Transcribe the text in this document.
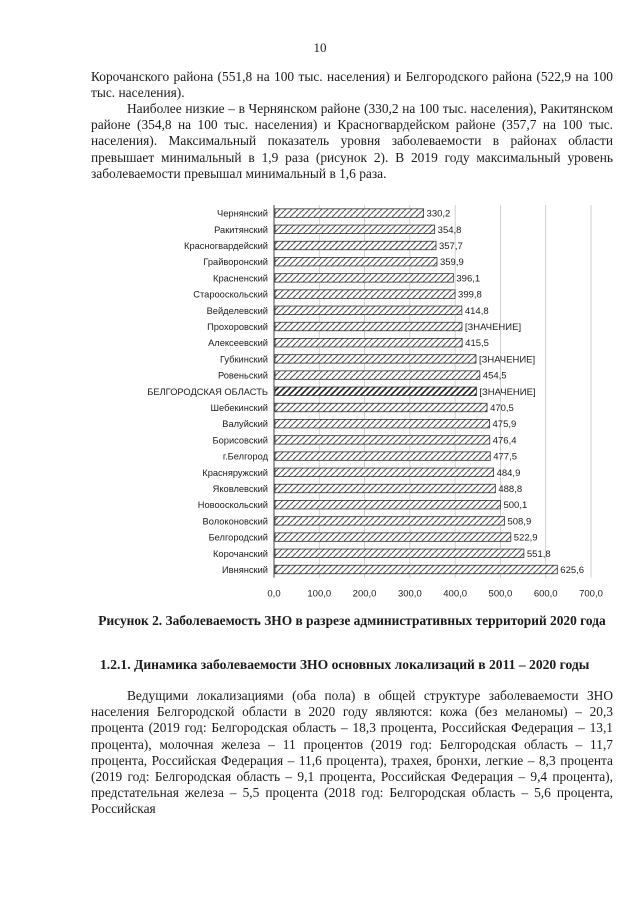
10

Корочанского района (551,8 на 100 тыс. населения) и Белгородского района (522,9 на 100 тыс. населения).

Наиболее низкие – в Чернянском районе (330,2 на 100 тыс. населения), Ракитянском районе (354,8 на 100 тыс. населения) и Красногвардейском районе (357,7 на 100 тыс. населения). Максимальный показатель уровня заболеваемости в районах области превышает минимальный в 1,9 раза (рисунок 2). В 2019 году максимальный уровень заболеваемости превышал минимальный в 1,6 раза.

Чернянский
Ракитянский
Красногвардейский
Грайворонский
Красненский
Старооскольский
Вейделевский
Прохоровский
Алексеевский
Губкинский
Ровеньский
БЕЛГОРОДСКАЯ ОБЛАСТЬ
Шебекинский
Валуйский
Борисовский
г.Белгород
Красняружский
Яковлевский
Новооскольский
Волоконовский
Белгородский
Корочанский
Ивнянский
330,2
354,8
357,7
359,9
396,1
399,8
414,8
[ЗНАЧЕНИЕ]
415,5
[ЗНАЧЕНИЕ]
454,5
[ЗНАЧЕНИЕ]
470,5
475,9
476,4
477,5
484,9
488,8
500,1
508,9
522,9
551,8
625,6
0,0	100,0 200,0 300,0 400,0 500,0 600,0 700,0

Рисунок 2. Заболеваемость ЗНО в разрезе административных территорий 2020 года

1.2.1. Динамика заболеваемости ЗНО основных локализаций в 2011 – 2020 годы

Ведущими локализациями (оба пола) в общей структуре заболеваемости ЗНО населения Белгородской области в 2020 году являются: кожа (без меланомы) – 20,3 процента (2019 год: Белгородская область – 18,3 процента, Российская Федерация – 13,1 процента), молочная железа – 11 процентов (2019 год: Белгородская область – 11,7 процента, Российская Федерация – 11,6 процента), трахея, бронхи, легкие – 8,3 процента (2019 год: Белгородская область – 9,1 процента, Российская Федерация – 9,4 процента), предстательная железа – 5,5 процента (2018 год: Белгородская область – 5,6 процента, Российская
